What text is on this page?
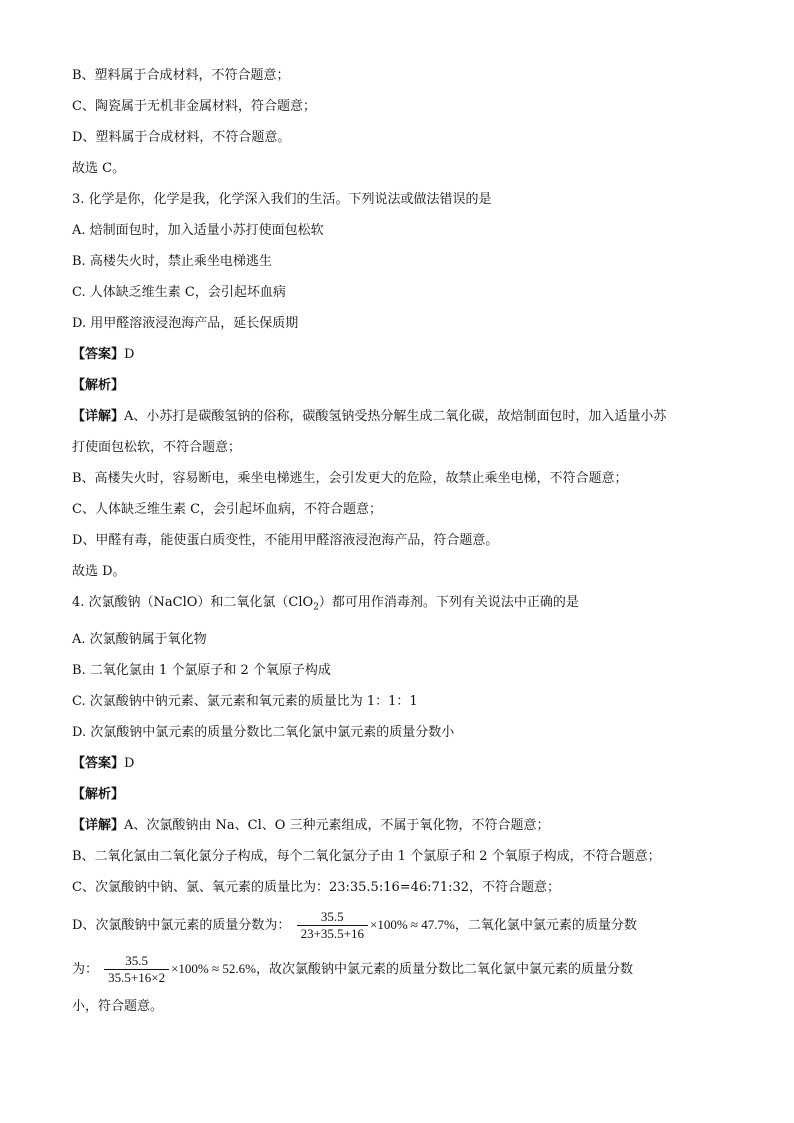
B、塑料属于合成材料，不符合题意；
C、陶瓷属于无机非金属材料，符合题意；
D、塑料属于合成材料，不符合题意。
故选 C。
3. 化学是你，化学是我，化学深入我们的生活。下列说法或做法错误的是
A. 焙制面包时，加入适量小苏打使面包松软
B. 高楼失火时，禁止乘坐电梯逃生
C. 人体缺乏维生素 C，会引起坏血病
D. 用甲醛溶液浸泡海产品，延长保质期
【答案】D
【解析】
【详解】A、小苏打是碳酸氢钠的俗称，碳酸氢钠受热分解生成二氧化碳，故焙制面包时，加入适量小苏
打使面包松软，不符合题意；
B、高楼失火时，容易断电，乘坐电梯逃生，会引发更大的危险，故禁止乘坐电梯，不符合题意；
C、人体缺乏维生素 C，会引起坏血病，不符合题意；
D、甲醛有毒，能使蛋白质变性，不能用甲醛溶液浸泡海产品，符合题意。
故选 D。
4. 次氯酸钠（NaClO）和二氧化氯（ClO$_2$）都可用作消毒剂。下列有关说法中正确的是
A. 次氯酸钠属于氧化物
B. 二氧化氯由 1 个氯原子和 2 个氧原子构成
C. 次氯酸钠中钠元素、氯元素和氧元素的质量比为 1：1：1
D. 次氯酸钠中氯元素的质量分数比二氧化氯中氯元素的质量分数小
【答案】D
【解析】
【详解】A、次氯酸钠由 Na、Cl、O 三种元素组成，不属于氧化物，不符合题意；
B、二氧化氯由二氧化氯分子构成，每个二氧化氯分子由 1 个氯原子和 2 个氧原子构成，不符合题意；
C、次氯酸钠中钠、氯、氧元素的质量比为：23:35.5:16=46:71:32，不符合题意；
D、次氯酸钠中氯元素的质量分数为： $\frac{35.5}{23+35.5+16} \times 100\% \approx 47.7\%$，二氧化氯中氯元素的质量分数
为： $\frac{35.5}{35.5+16\times 2} \times 100\% \approx 52.6\%$，故次氯酸钠中氯元素的质量分数比二氧化氯中氯元素的质量分数
小，符合题意。
